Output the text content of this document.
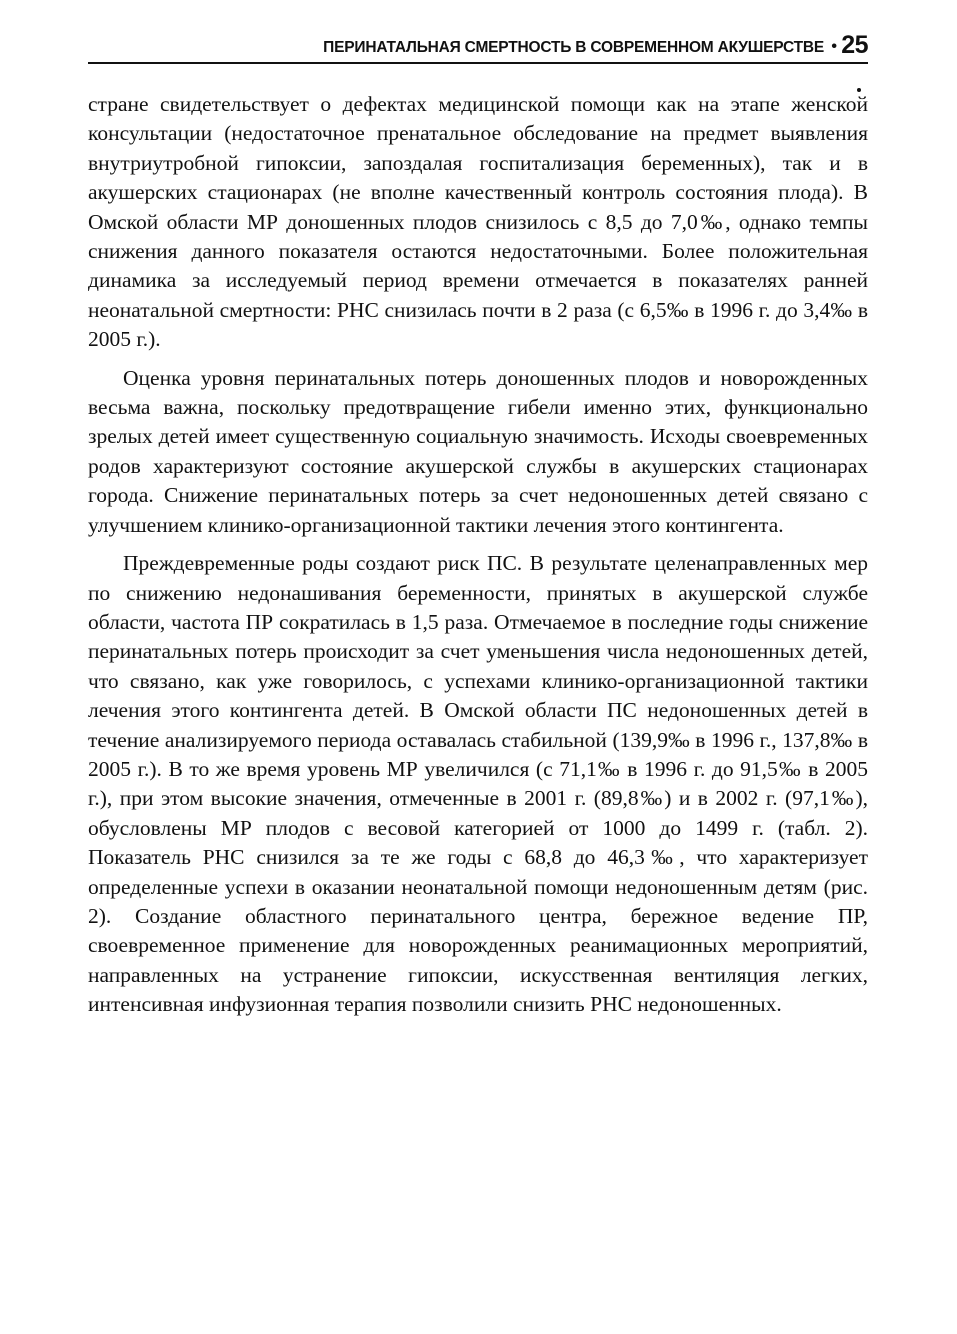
ПЕРИНАТАЛЬНАЯ СМЕРТНОСТЬ В СОВРЕМЕННОМ АКУШЕРСТВЕ • 25

стране свидетельствует о дефектах медицинской помощи как на этапе женской консультации (недостаточное пренатальное обследование на предмет выявления внутриутробной гипоксии, запоздалая госпитализация беременных), так и в акушерских стационарах (не вполне качественный контроль состояния плода). В Омской области МР доношенных плодов снизилось с 8,5 до 7,0‰, однако темпы снижения данного показателя остаются недостаточными. Более положительная динамика за исследуемый период времени отмечается в показателях ранней неонатальной смертности: РНС снизилась почти в 2 раза (с 6,5‰ в 1996 г. до 3,4‰ в 2005 г.).

Оценка уровня перинатальных потерь доношенных плодов и новорожденных весьма важна, поскольку предотвращение гибели именно этих, функционально зрелых детей имеет существенную социальную значимость. Исходы своевременных родов характеризуют состояние акушерской службы в акушерских стационарах города. Снижение перинатальных потерь за счет недоношенных детей связано с улучшением клинико-организационной тактики лечения этого контингента.

Преждевременные роды создают риск ПС. В результате целенаправленных мер по снижению недонашивания беременности, принятых в акушерской службе области, частота ПР сократилась в 1,5 раза. Отмечаемое в последние годы снижение перинатальных потерь происходит за счет уменьшения числа недоношенных детей, что связано, как уже говорилось, с успехами клинико-организационной тактики лечения этого контингента детей. В Омской области ПС недоношенных детей в течение анализируемого периода оставалась стабильной (139,9‰ в 1996 г., 137,8‰ в 2005 г.). В то же время уровень МР увеличился (с 71,1‰ в 1996 г. до 91,5‰ в 2005 г.), при этом высокие значения, отмеченные в 2001 г. (89,8‰) и в 2002 г. (97,1‰), обусловлены МР плодов с весовой категорией от 1000 до 1499 г. (табл. 2). Показатель РНС снизился за те же годы с 68,8 до 46,3‰, что характеризует определенные успехи в оказании неонатальной помощи недоношенным детям (рис. 2). Создание областного перинатального центра, бережное ведение ПР, своевременное применение для новорожденных реанимационных мероприятий, направленных на устранение гипоксии, искусственная вентиляция легких, интенсивная инфузионная терапия позволили снизить РНС недоношенных.
